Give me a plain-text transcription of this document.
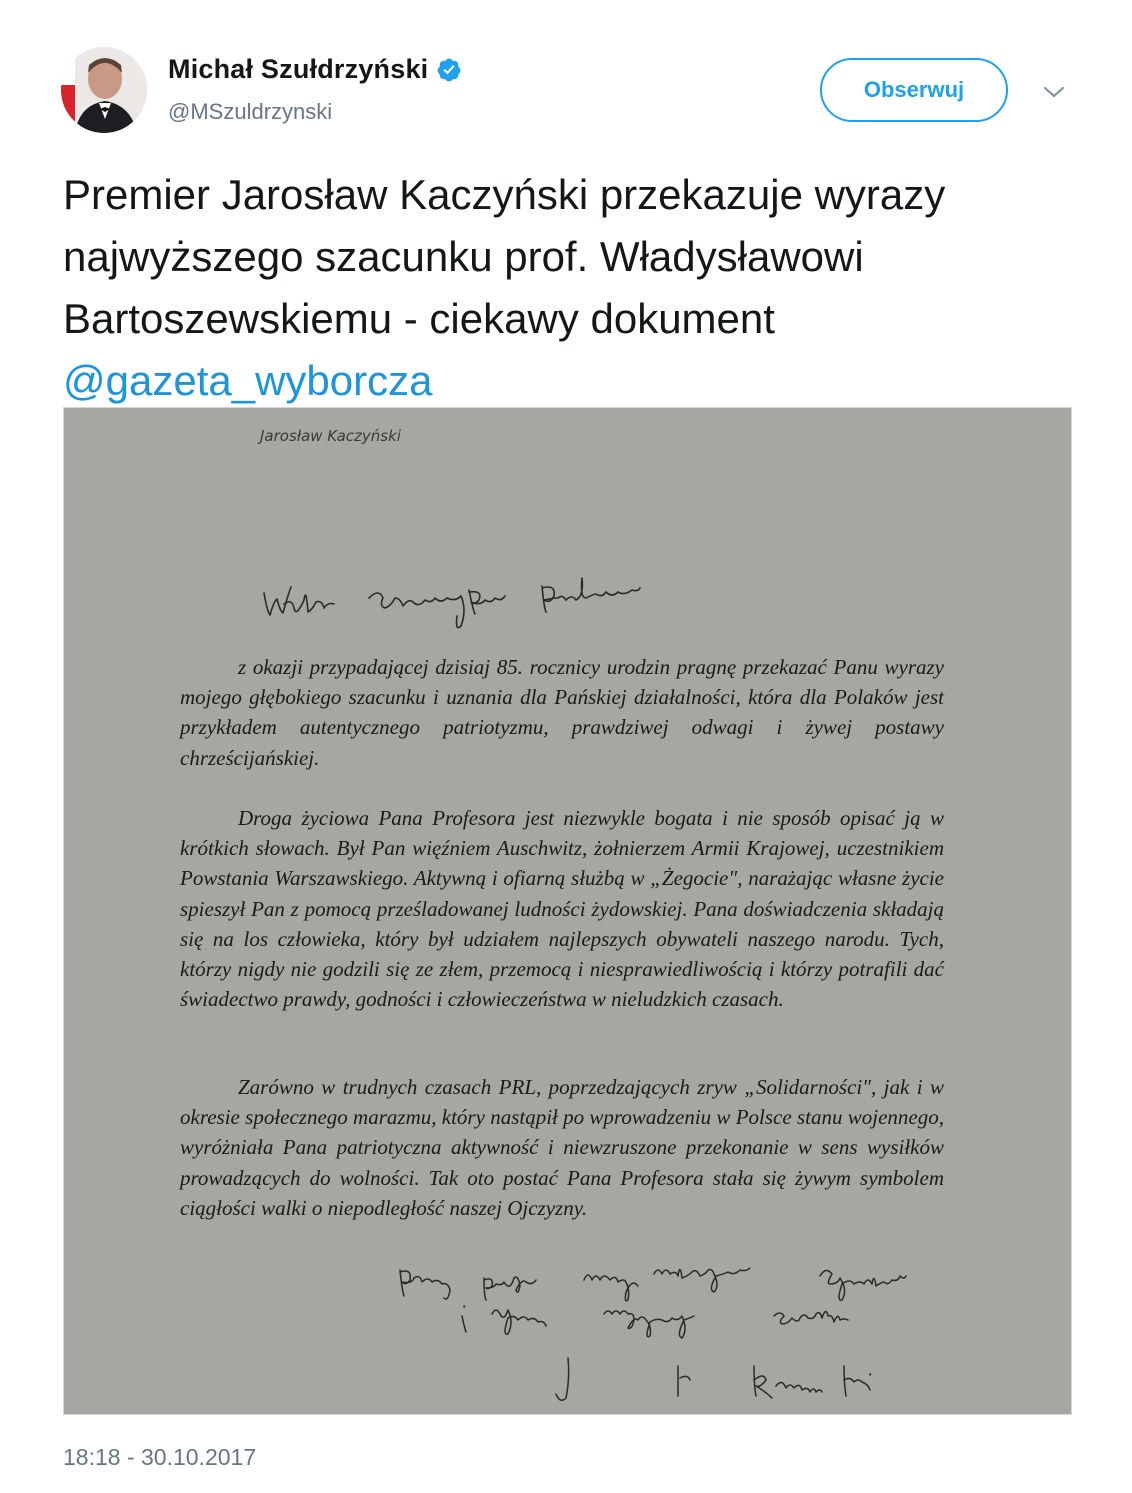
Michał Szułdrzyński
@MSzuldrzynski
Obserwuj
Premier Jarosław Kaczyński przekazuje wyrazy najwyższego szacunku prof. Władysławowi Bartoszewskiemu - ciekawy dokument
@gazeta_wyborcza
Jarosław Kaczyński
z okazji przypadającej dzisiaj 85. rocznicy urodzin pragnę przekazać Panu wyrazy mojego głębokiego szacunku i uznania dla Pańskiej działalności, która dla Polaków jest przykładem autentycznego patriotyzmu, prawdziwej odwagi i żywej postawy chrześcijańskiej.
Droga życiowa Pana Profesora jest niezwykle bogata i nie sposób opisać ją w krótkich słowach. Był Pan więźniem Auschwitz, żołnierzem Armii Krajowej, uczestnikiem Powstania Warszawskiego. Aktywną i ofiarną służbą w „Żegocie", narażając własne życie spieszył Pan z pomocą prześladowanej ludności żydowskiej. Pana doświadczenia składają się na los człowieka, który był udziałem najlepszych obywateli naszego narodu. Tych, którzy nigdy nie godzili się ze złem, przemocą i niesprawiedliwością i którzy potrafili dać świadectwo prawdy, godności i człowieczeństwa w nieludzkich czasach.
Zarówno w trudnych czasach PRL, poprzedzających zryw „Solidarności", jak i w okresie społecznego marazmu, który nastąpił po wprowadzeniu w Polsce stanu wojennego, wyróżniała Pana patriotyczna aktywność i niewzruszone przekonanie w sens wysiłków prowadzących do wolności. Tak oto postać Pana Profesora stała się żywym symbolem ciągłości walki o niepodległość naszej Ojczyzny.
18:18 - 30.10.2017
